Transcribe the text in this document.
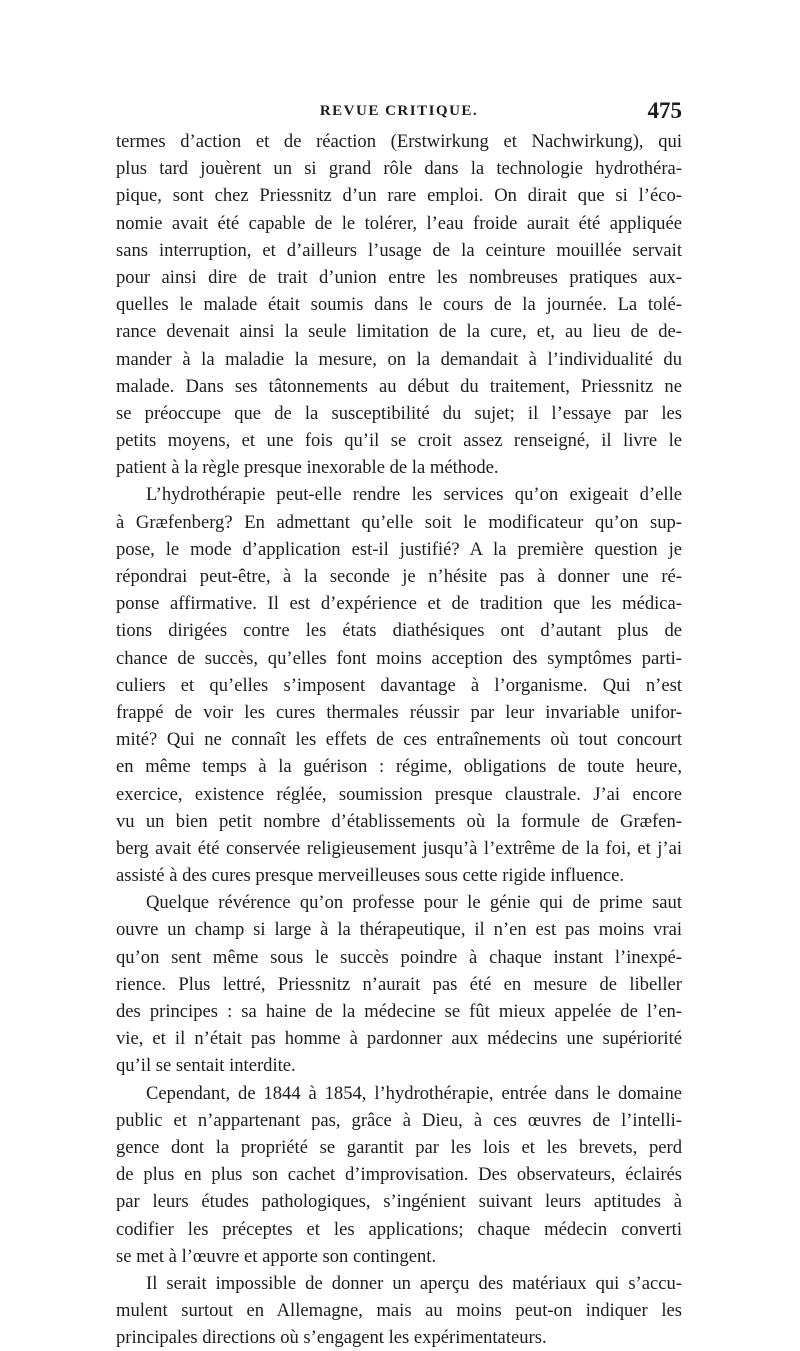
REVUE CRITIQUE.	475
termes d’action et de réaction (Erstwirkung et Nachwirkung), qui
plus tard jouèrent un si grand rôle dans la technologie hydrothéra-
pique, sont chez Priessnitz d’un rare emploi. On dirait que si l’éco-
nomie avait été capable de le tolérer, l’eau froide aurait été appliquée
sans interruption, et d’ailleurs l’usage de la ceinture mouillée servait
pour ainsi dire de trait d’union entre les nombreuses pratiques aux-
quelles le malade était soumis dans le cours de la journée. La tolé-
rance devenait ainsi la seule limitation de la cure, et, au lieu de de-
mander à la maladie la mesure, on la demandait à l’individualité du
malade. Dans ses tâtonnements au début du traitement, Priessnitz ne
se préoccupe que de la susceptibilité du sujet; il l’essaye par les
petits moyens, et une fois qu’il se croit assez renseigné, il livre le
patient à la règle presque inexorable de la méthode.
L’hydrothérapie peut-elle rendre les services qu’on exigeait d’elle
à Græfenberg? En admettant qu’elle soit le modificateur qu’on sup-
pose, le mode d’application est-il justifié? A la première question je
répondrai peut-être, à la seconde je n’hésite pas à donner une ré-
ponse affirmative. Il est d’expérience et de tradition que les médica-
tions dirigées contre les états diathésiques ont d’autant plus de
chance de succès, qu’elles font moins acception des symptômes parti-
culiers et qu’elles s’imposent davantage à l’organisme. Qui n’est
frappé de voir les cures thermales réussir par leur invariable unifor-
mité? Qui ne connaît les effets de ces entraînements où tout concourt
en même temps à la guérison : régime, obligations de toute heure,
exercice, existence réglée, soumission presque claustrale. J’ai encore
vu un bien petit nombre d’établissements où la formule de Græfen-
berg avait été conservée religieusement jusqu’à l’extrême de la foi, et j’ai
assisté à des cures presque merveilleuses sous cette rigide influence.
Quelque révérence qu’on professe pour le génie qui de prime saut
ouvre un champ si large à la thérapeutique, il n’en est pas moins vrai
qu’on sent même sous le succès poindre à chaque instant l’inexpé-
rience. Plus lettré, Priessnitz n’aurait pas été en mesure de libeller
des principes : sa haine de la médecine se fût mieux appelée de l’en-
vie, et il n’était pas homme à pardonner aux médecins une supériorité
qu’il se sentait interdite.
Cependant, de 1844 à 1854, l’hydrothérapie, entrée dans le domaine
public et n’appartenant pas, grâce à Dieu, à ces œuvres de l’intelli-
gence dont la propriété se garantit par les lois et les brevets, perd
de plus en plus son cachet d’improvisation. Des observateurs, éclairés
par leurs études pathologiques, s’ingénient suivant leurs aptitudes à
codifier les préceptes et les applications; chaque médecin converti
se met à l’œuvre et apporte son contingent.
Il serait impossible de donner un aperçu des matériaux qui s’accu-
mulent surtout en Allemagne, mais au moins peut-on indiquer les
principales directions où s’engagent les expérimentateurs.
